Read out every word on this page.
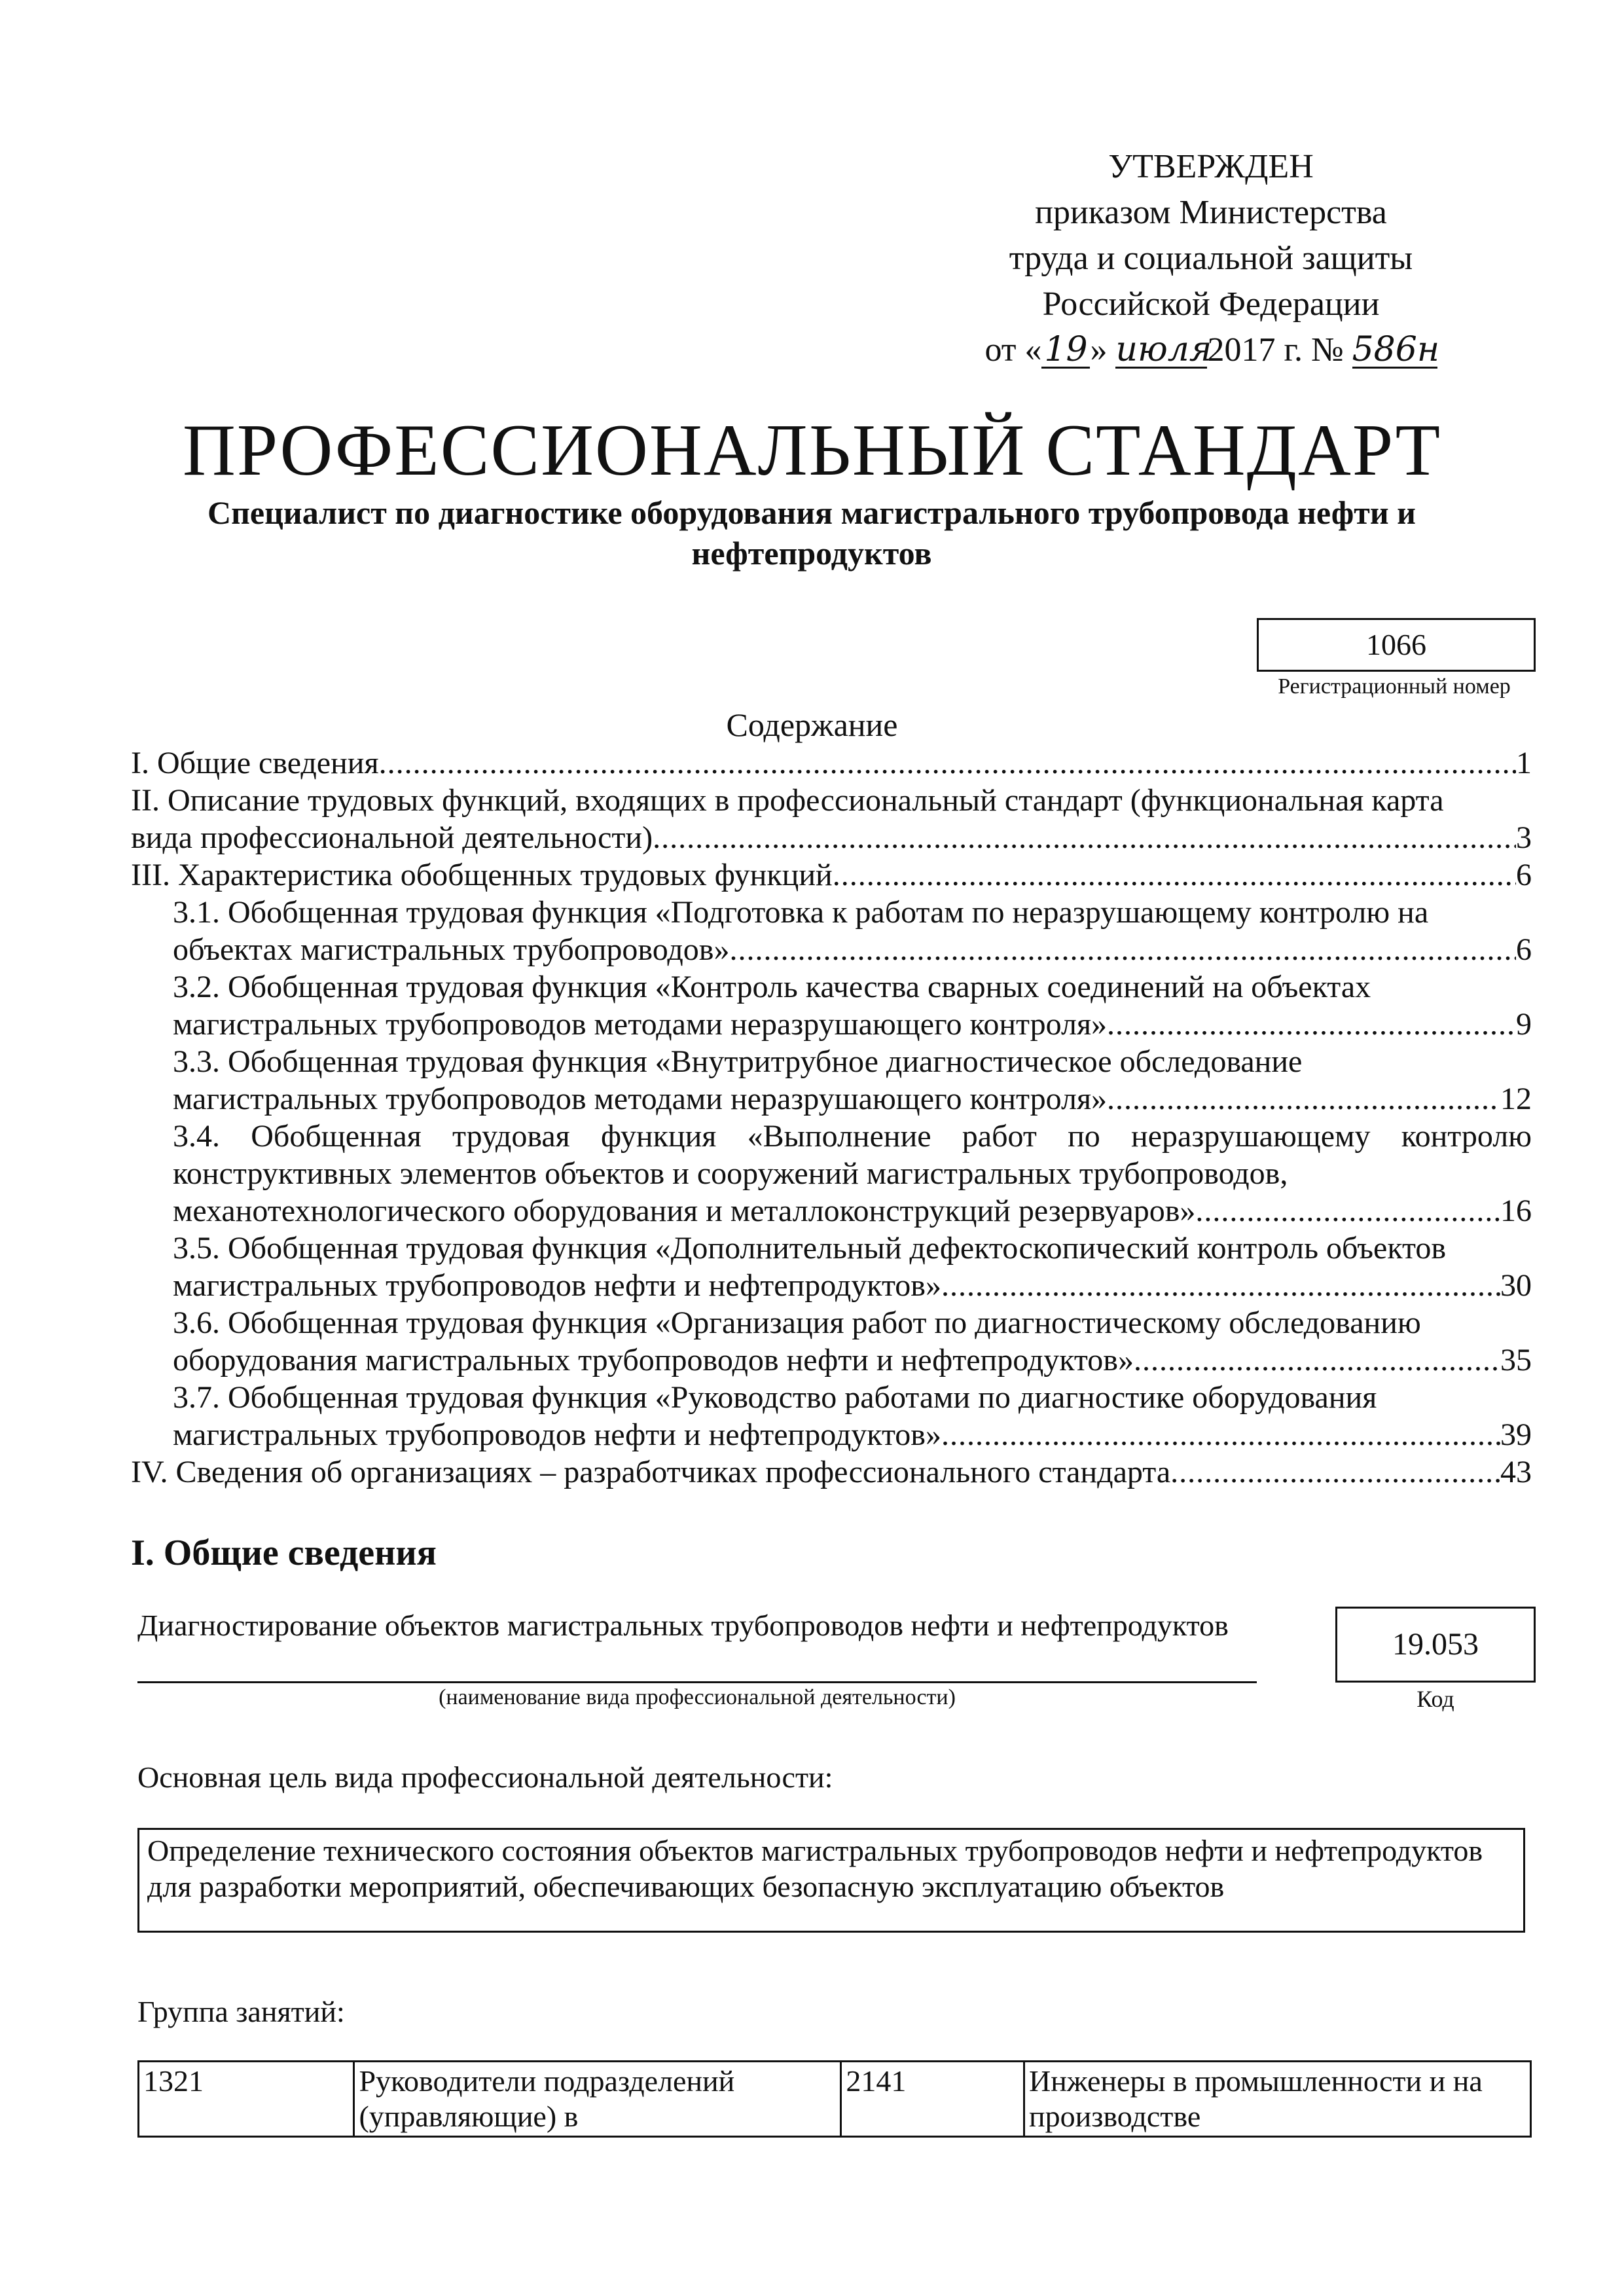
УТВЕРЖДЕН
приказом Министерства
труда и социальной защиты
Российской Федерации
от «19» июля2017 г. № 586н
ПРОФЕССИОНАЛЬНЫЙ СТАНДАРТ
Специалист по диагностике оборудования магистрального трубопровода нефти и нефтепродуктов
1066
Регистрационный номер
Содержание
I. Общие сведения .....	1
II. Описание трудовых функций, входящих в профессиональный стандарт (функциональная карта
вида профессиональной деятельности) .....	3
III. Характеристика обобщенных трудовых функций .....	6
3.1. Обобщенная трудовая функция «Подготовка к работам по неразрушающему контролю на
объектах магистральных трубопроводов» .....	6
3.2. Обобщенная трудовая функция «Контроль качества сварных соединений на объектах
магистральных трубопроводов методами неразрушающего контроля» .....	9
3.3. Обобщенная трудовая функция «Внутритрубное диагностическое обследование
магистральных трубопроводов методами неразрушающего контроля» .....	12
3.4. Обобщенная трудовая функция «Выполнение работ по неразрушающему контролю конструктивных элементов объектов и сооружений магистральных трубопроводов,
механотехнологического оборудования и металлоконструкций резервуаров» .....	16
3.5. Обобщенная трудовая функция «Дополнительный дефектоскопический контроль объектов
магистральных трубопроводов нефти и нефтепродуктов» .....	30
3.6. Обобщенная трудовая функция «Организация работ по диагностическому обследованию
оборудования магистральных трубопроводов нефти и нефтепродуктов» .....	35
3.7. Обобщенная трудовая функция «Руководство работами по диагностике оборудования
магистральных трубопроводов нефти и нефтепродуктов» .....	39
IV. Сведения об организациях – разработчиках профессионального стандарта .....	43
I. Общие сведения
Диагностирование объектов магистральных трубопроводов нефти и нефтепродуктов
(наименование вида профессиональной деятельности)
19.053
Код
Основная цель вида профессиональной деятельности:
Определение технического состояния объектов магистральных трубопроводов нефти и нефтепродуктов для разработки мероприятий, обеспечивающих безопасную эксплуатацию объектов
Группа занятий:
1321	Руководители подразделений (управляющие) в	2141	Инженеры в промышленности и на производстве
